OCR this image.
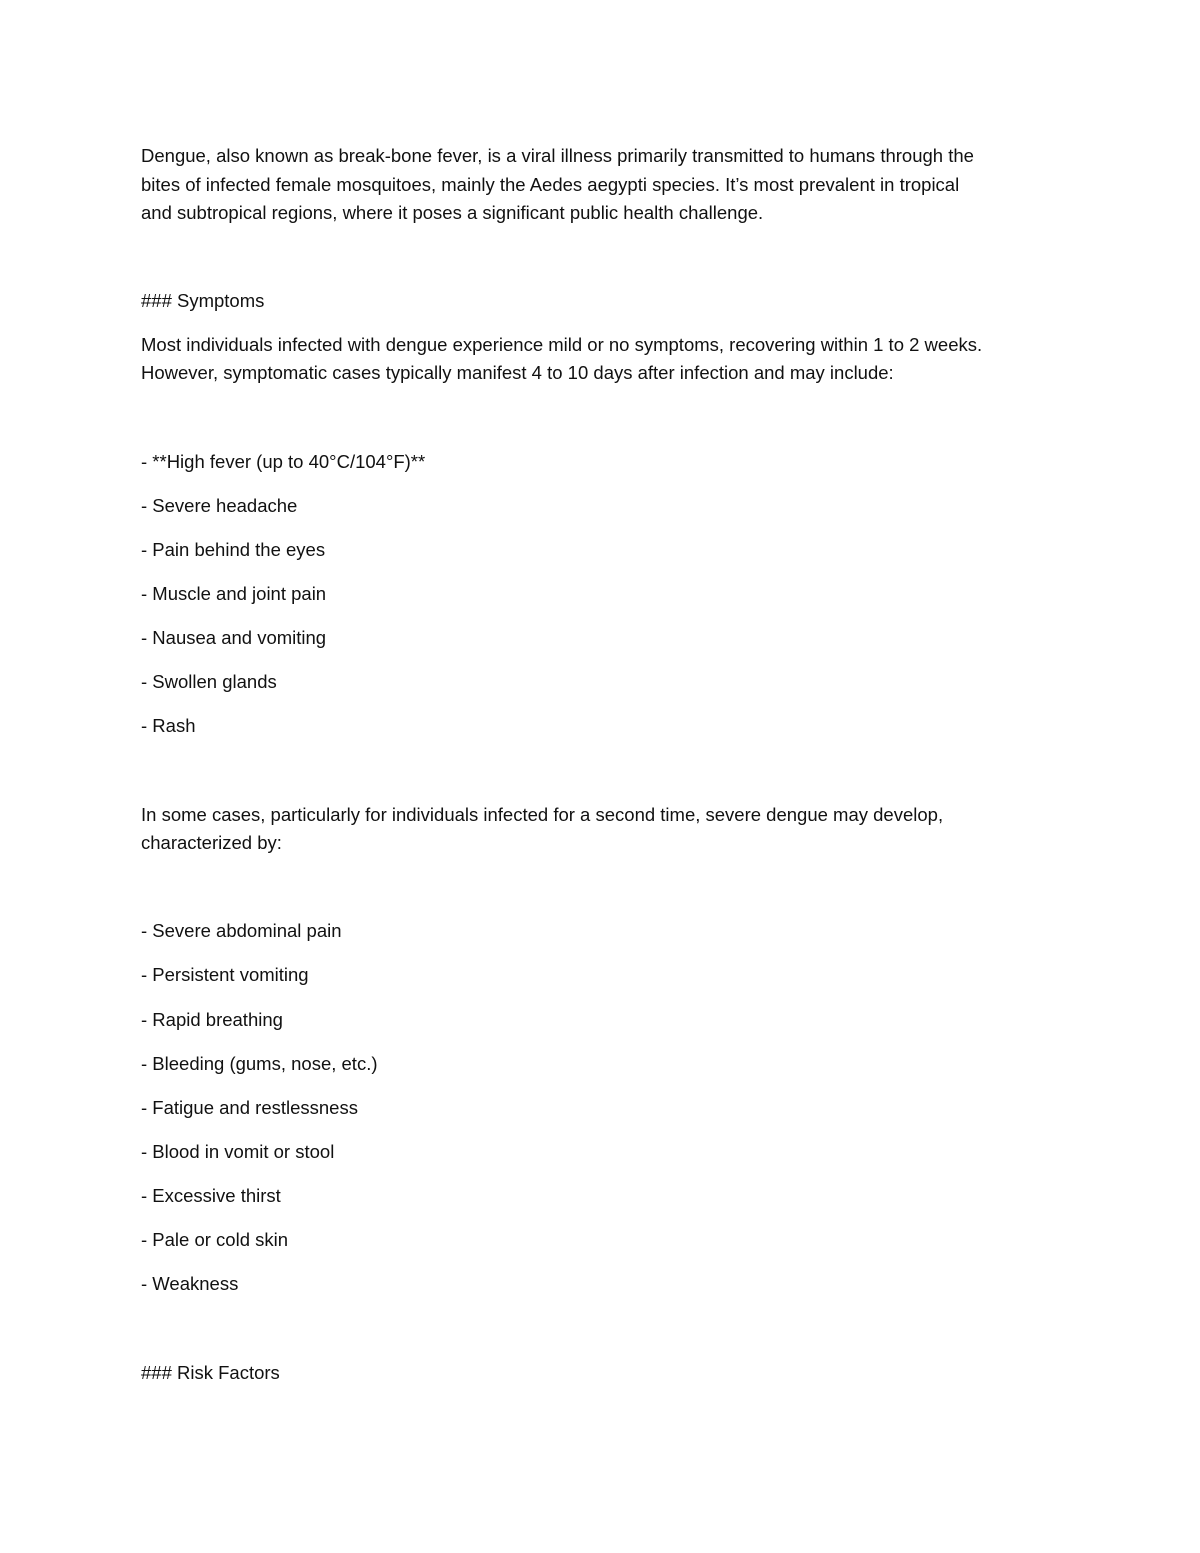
Dengue, also known as break-bone fever, is a viral illness primarily transmitted to humans through the

bites of infected female mosquitoes, mainly the Aedes aegypti species. It’s most prevalent in tropical

and subtropical regions, where it poses a significant public health challenge.

### Symptoms

Most individuals infected with dengue experience mild or no symptoms, recovering within 1 to 2 weeks.

However, symptomatic cases typically manifest 4 to 10 days after infection and may include:

- **High fever (up to 40°C/104°F)**

- Severe headache

- Pain behind the eyes

- Muscle and joint pain

- Nausea and vomiting

- Swollen glands

- Rash

In some cases, particularly for individuals infected for a second time, severe dengue may develop,

characterized by:

- Severe abdominal pain

- Persistent vomiting

- Rapid breathing

- Bleeding (gums, nose, etc.)

- Fatigue and restlessness

- Blood in vomit or stool

- Excessive thirst

- Pale or cold skin

- Weakness

### Risk Factors
